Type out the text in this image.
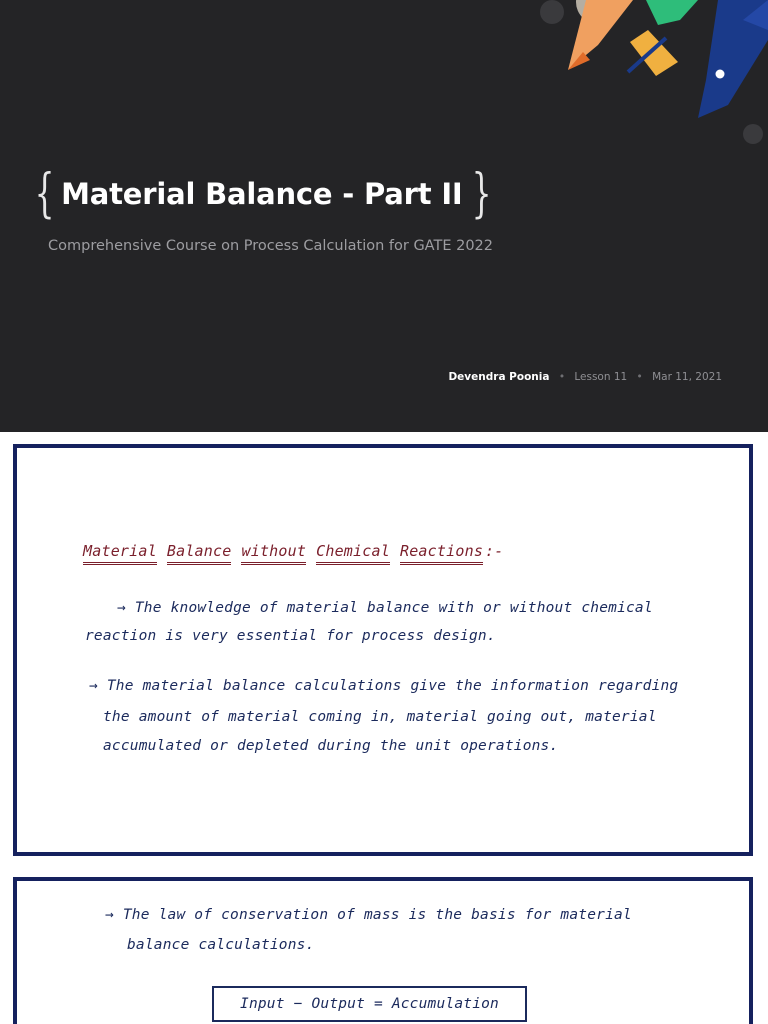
{ Material Balance - Part II }
Comprehensive Course on Process Calculation for GATE 2022
Devendra Poonia • Lesson 11 • Mar 11, 2021
Material Balance without Chemical Reactions :-
→ The knowledge of material balance with or without chemical
reaction is very essential for process design.
→ The material balance calculations give the information regarding
the amount of material coming in, material going out, material
accumulated or depleted during the unit operations.
→ The law of conservation of mass is the basis for material
balance calculations.
Input − Output = Accumulation
